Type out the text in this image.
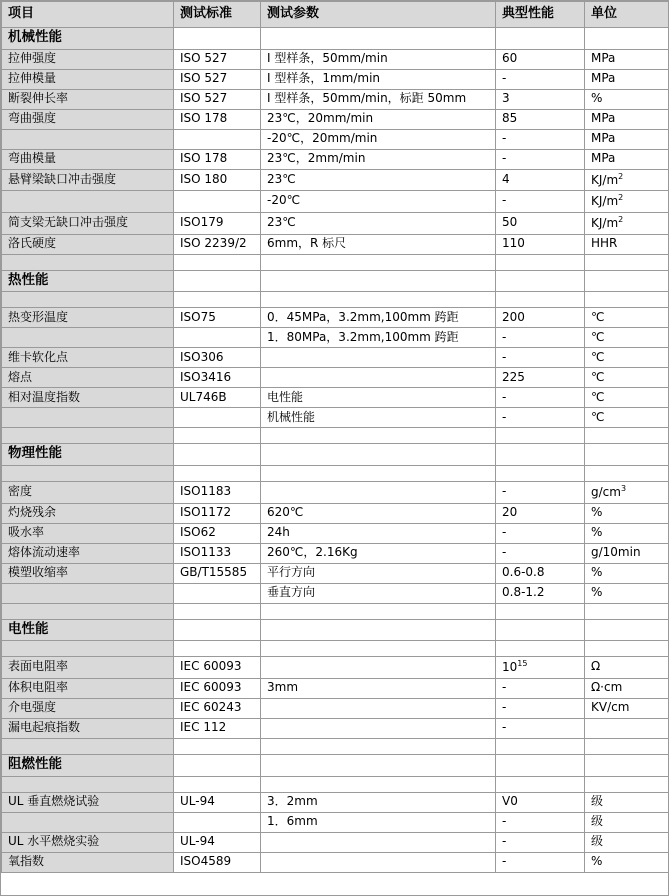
项目	测试标准	测试参数	典型性能	单位
机械性能				
拉伸强度	ISO 527	I 型样条，50mm/min	60	MPa
拉伸模量	ISO 527	I 型样条，1mm/min	-	MPa
断裂伸长率	ISO 527	I 型样条，50mm/min，标距 50mm	3	%
弯曲强度	ISO 178	23℃，20mm/min	85	MPa
		-20℃，20mm/min	-	MPa
弯曲模量	ISO 178	23℃，2mm/min	-	MPa
悬臂梁缺口冲击强度	ISO 180	23℃	4	$KJ/m^2$
		-20℃	-	$KJ/m^2$
简支梁无缺口冲击强度	ISO179	23℃	50	$KJ/m^2$
洛氏硬度	ISO 2239/2	6mm，R 标尺	110	HHR

热性能				

热变形温度	ISO75	0．45MPa，3.2mm,100mm 跨距	200	℃
		1．80MPa，3.2mm,100mm 跨距	-	℃
维卡软化点	ISO306		-	℃
熔点	ISO3416		225	℃
相对温度指数	UL746B	电性能	-	℃
		机械性能	-	℃

物理性能				

密度	ISO1183		-	$g/cm^3$
灼烧残余	ISO1172	620℃	20	%
吸水率	ISO62	24h	-	%
熔体流动速率	ISO1133	260℃，2.16Kg	-	g/10min
模塑收缩率	GB/T15585	平行方向	0.6-0.8	%
		垂直方向	0.8-1.2	%

电性能				

表面电阻率	IEC 60093		$10^{15}$	Ω
体积电阻率	IEC 60093	3mm	-	Ω·cm
介电强度	IEC 60243		-	KV/cm
漏电起痕指数	IEC 112		-	

阻燃性能				

UL 垂直燃烧试验	UL-94	3．2mm	V0	级
		1．6mm	-	级
UL 水平燃烧实验	UL-94		-	级
氧指数	ISO4589		-	%
